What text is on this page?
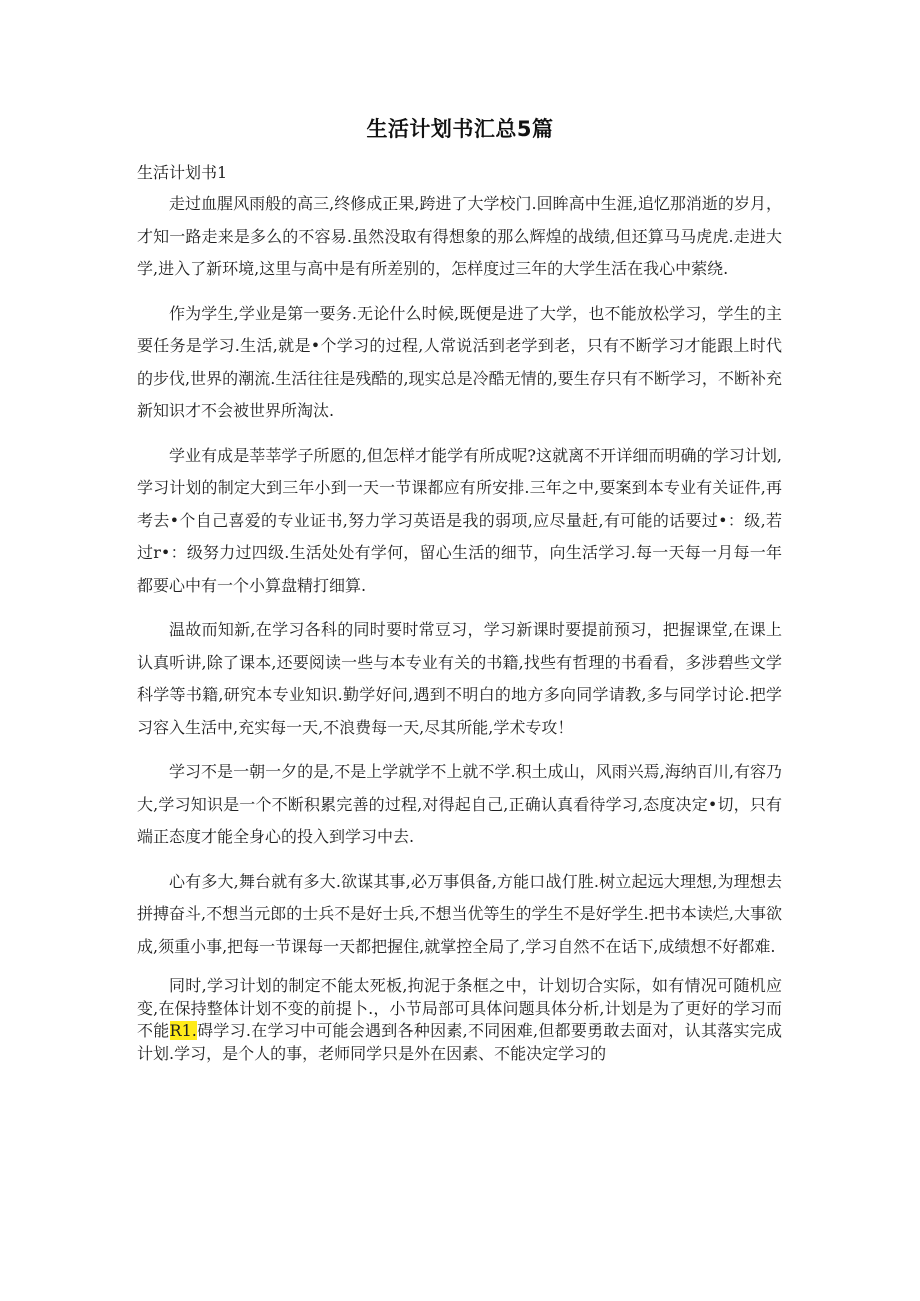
生活计划书汇总5篇

生活计划书1

走过血腥风雨般的高三,终修成正果,跨进了大学校门.回眸高中生涯,追忆那消逝的岁月，才知一路走来是多么的不容易.虽然没取有得想象的那么辉煌的战绩,但还算马马虎虎.走进大学,进入了新环境,这里与高中是有所差别的，怎样度过三年的大学生活在我心中萦绕.

作为学生,学业是第一要务.无论什么时候,既便是进了大学，也不能放松学习，学生的主要任务是学习.生活,就是•个学习的过程,人常说活到老学到老，只有不断学习才能跟上时代的步伐,世界的潮流.生活往往是残酷的,现实总是冷酷无情的,要生存只有不断学习，不断补充新知识才不会被世界所淘汰.

学业有成是莘莘学子所愿的,但怎样才能学有所成呢?这就离不开详细而明确的学习计划,学习计划的制定大到三年小到一天一节课都应有所安排.三年之中,要案到本专业有关证件,再考去•个自己喜爱的专业证书,努力学习英语是我的弱项,应尽量赶,有可能的话要过•：级,若过r•：级努力过四级.生活处处有学何，留心生活的细节，向生活学习.每一天每一月每一年都要心中有一个小算盘精打细算.

温故而知新,在学习各科的同时要时常豆习，学习新课时要提前预习，把握课堂,在课上认真听讲,除了课本,还要阅读一些与本专业有关的书籍,找些有哲理的书看看，多涉碧些文学科学等书籍,研究本专业知识.勤学好问,遇到不明白的地方多向同学请教,多与同学讨论.把学习容入生活中,充实每一天,不浪费每一天,尽其所能,学术专攻！

学习不是一朝一夕的是,不是上学就学不上就不学.积土成山，风雨兴焉,海纳百川,有容乃大,学习知识是一个不断积累完善的过程,对得起自己,正确认真看待学习,态度决定•切，只有端正态度才能全身心的投入到学习中去.

心有多大,舞台就有多大.欲谋其事,必万事俱备,方能口战仃胜.树立起远大理想,为理想去拼搏奋斗,不想当元郎的士兵不是好士兵,不想当优等生的学生不是好学生.把书本读烂,大事欲成,须重小事,把每一节课每一天都把握住,就掌控全局了,学习自然不在话下,成绩想不好都难.

同时,学习计划的制定不能太死板,拘泥于条框之中，计划切合实际，如有情况可随机应变,在保持整体计划不变的前提卜.，小节局部可具体问题具体分析,计划是为了更好的学习而不能R1.碍学习.在学习中可能会遇到各种因素,不同困难,但都要勇敢去面对，认其落实完成计划.学习，是个人的事，老师同学只是外在因素、不能决定学习的
